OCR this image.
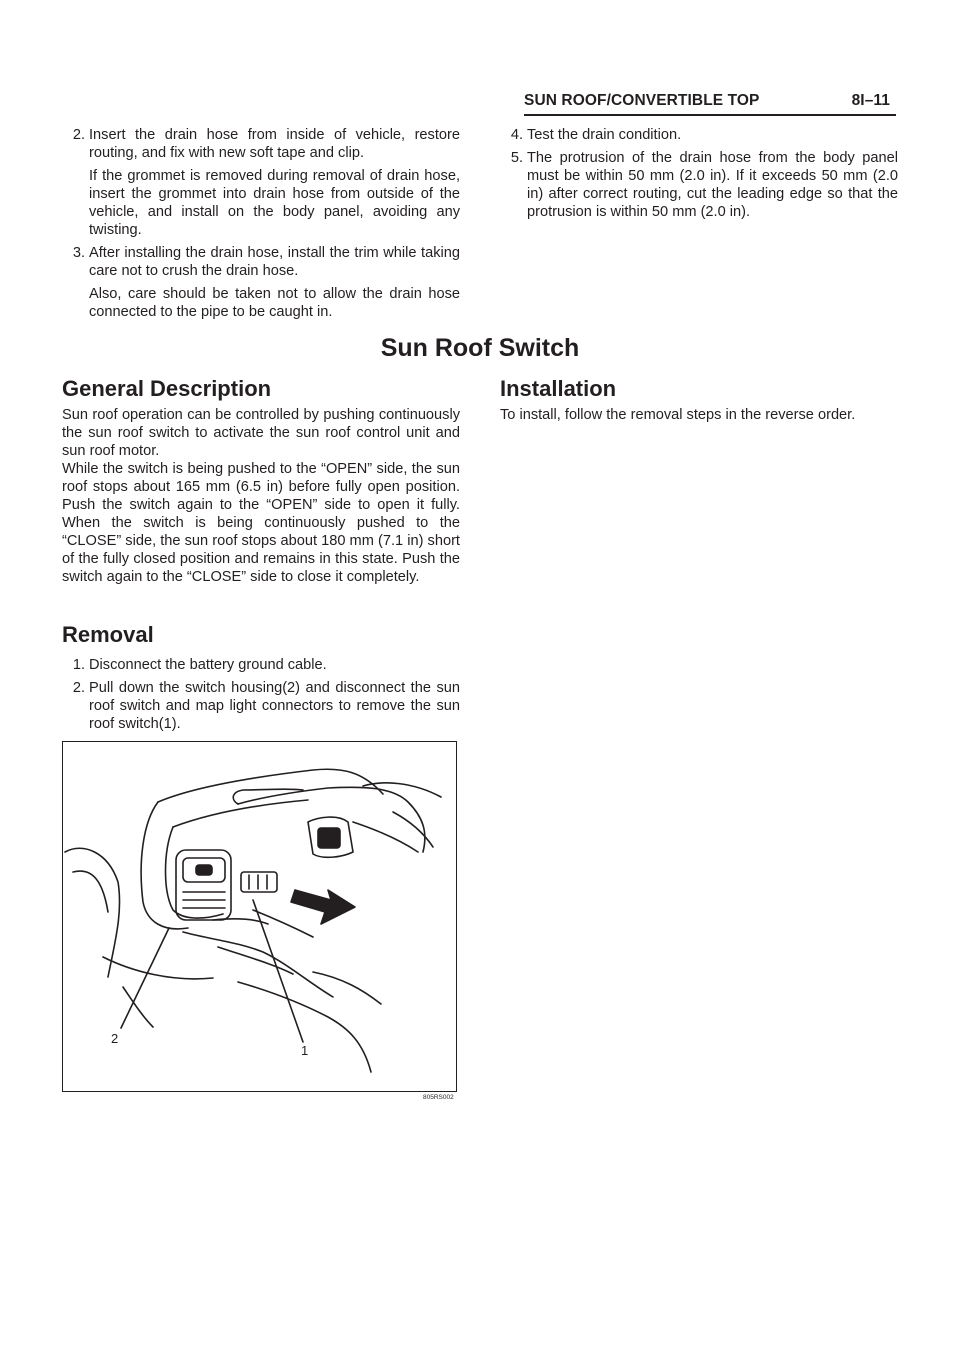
SUN ROOF/CONVERTIBLE TOP	8I–11
2. Insert the drain hose from inside of vehicle, restore routing, and fix with new soft tape and clip.
If the grommet is removed during removal of drain hose, insert the grommet into drain hose from outside of the vehicle, and install on the body panel, avoiding any twisting.
3. After installing the drain hose, install the trim while taking care not to crush the drain hose.
Also, care should be taken not to allow the drain hose connected to the pipe to be caught in.
4. Test the drain condition.
5. The protrusion of the drain hose from the body panel must be within 50 mm (2.0 in). If it exceeds 50 mm (2.0 in) after correct routing, cut the leading edge so that the protrusion is within 50 mm (2.0 in).
Sun Roof Switch
General Description
Sun roof operation can be controlled by pushing continuously the sun roof switch to activate the sun roof control unit and sun roof motor.
While the switch is being pushed to the “OPEN” side, the sun roof stops about 165 mm (6.5 in) before fully open position. Push the switch again to the “OPEN” side to open it fully. When the switch is being continuously pushed to the “CLOSE” side, the sun roof stops about 180 mm (7.1 in) short of the fully closed position and remains in this state. Push the switch again to the “CLOSE” side to close it completely.
Removal
1. Disconnect the battery ground cable.
2. Pull down the switch housing(2) and disconnect the sun roof switch and map light connectors to remove the sun roof switch(1).
Installation
To install, follow the removal steps in the reverse order.
2
1
805RS002
